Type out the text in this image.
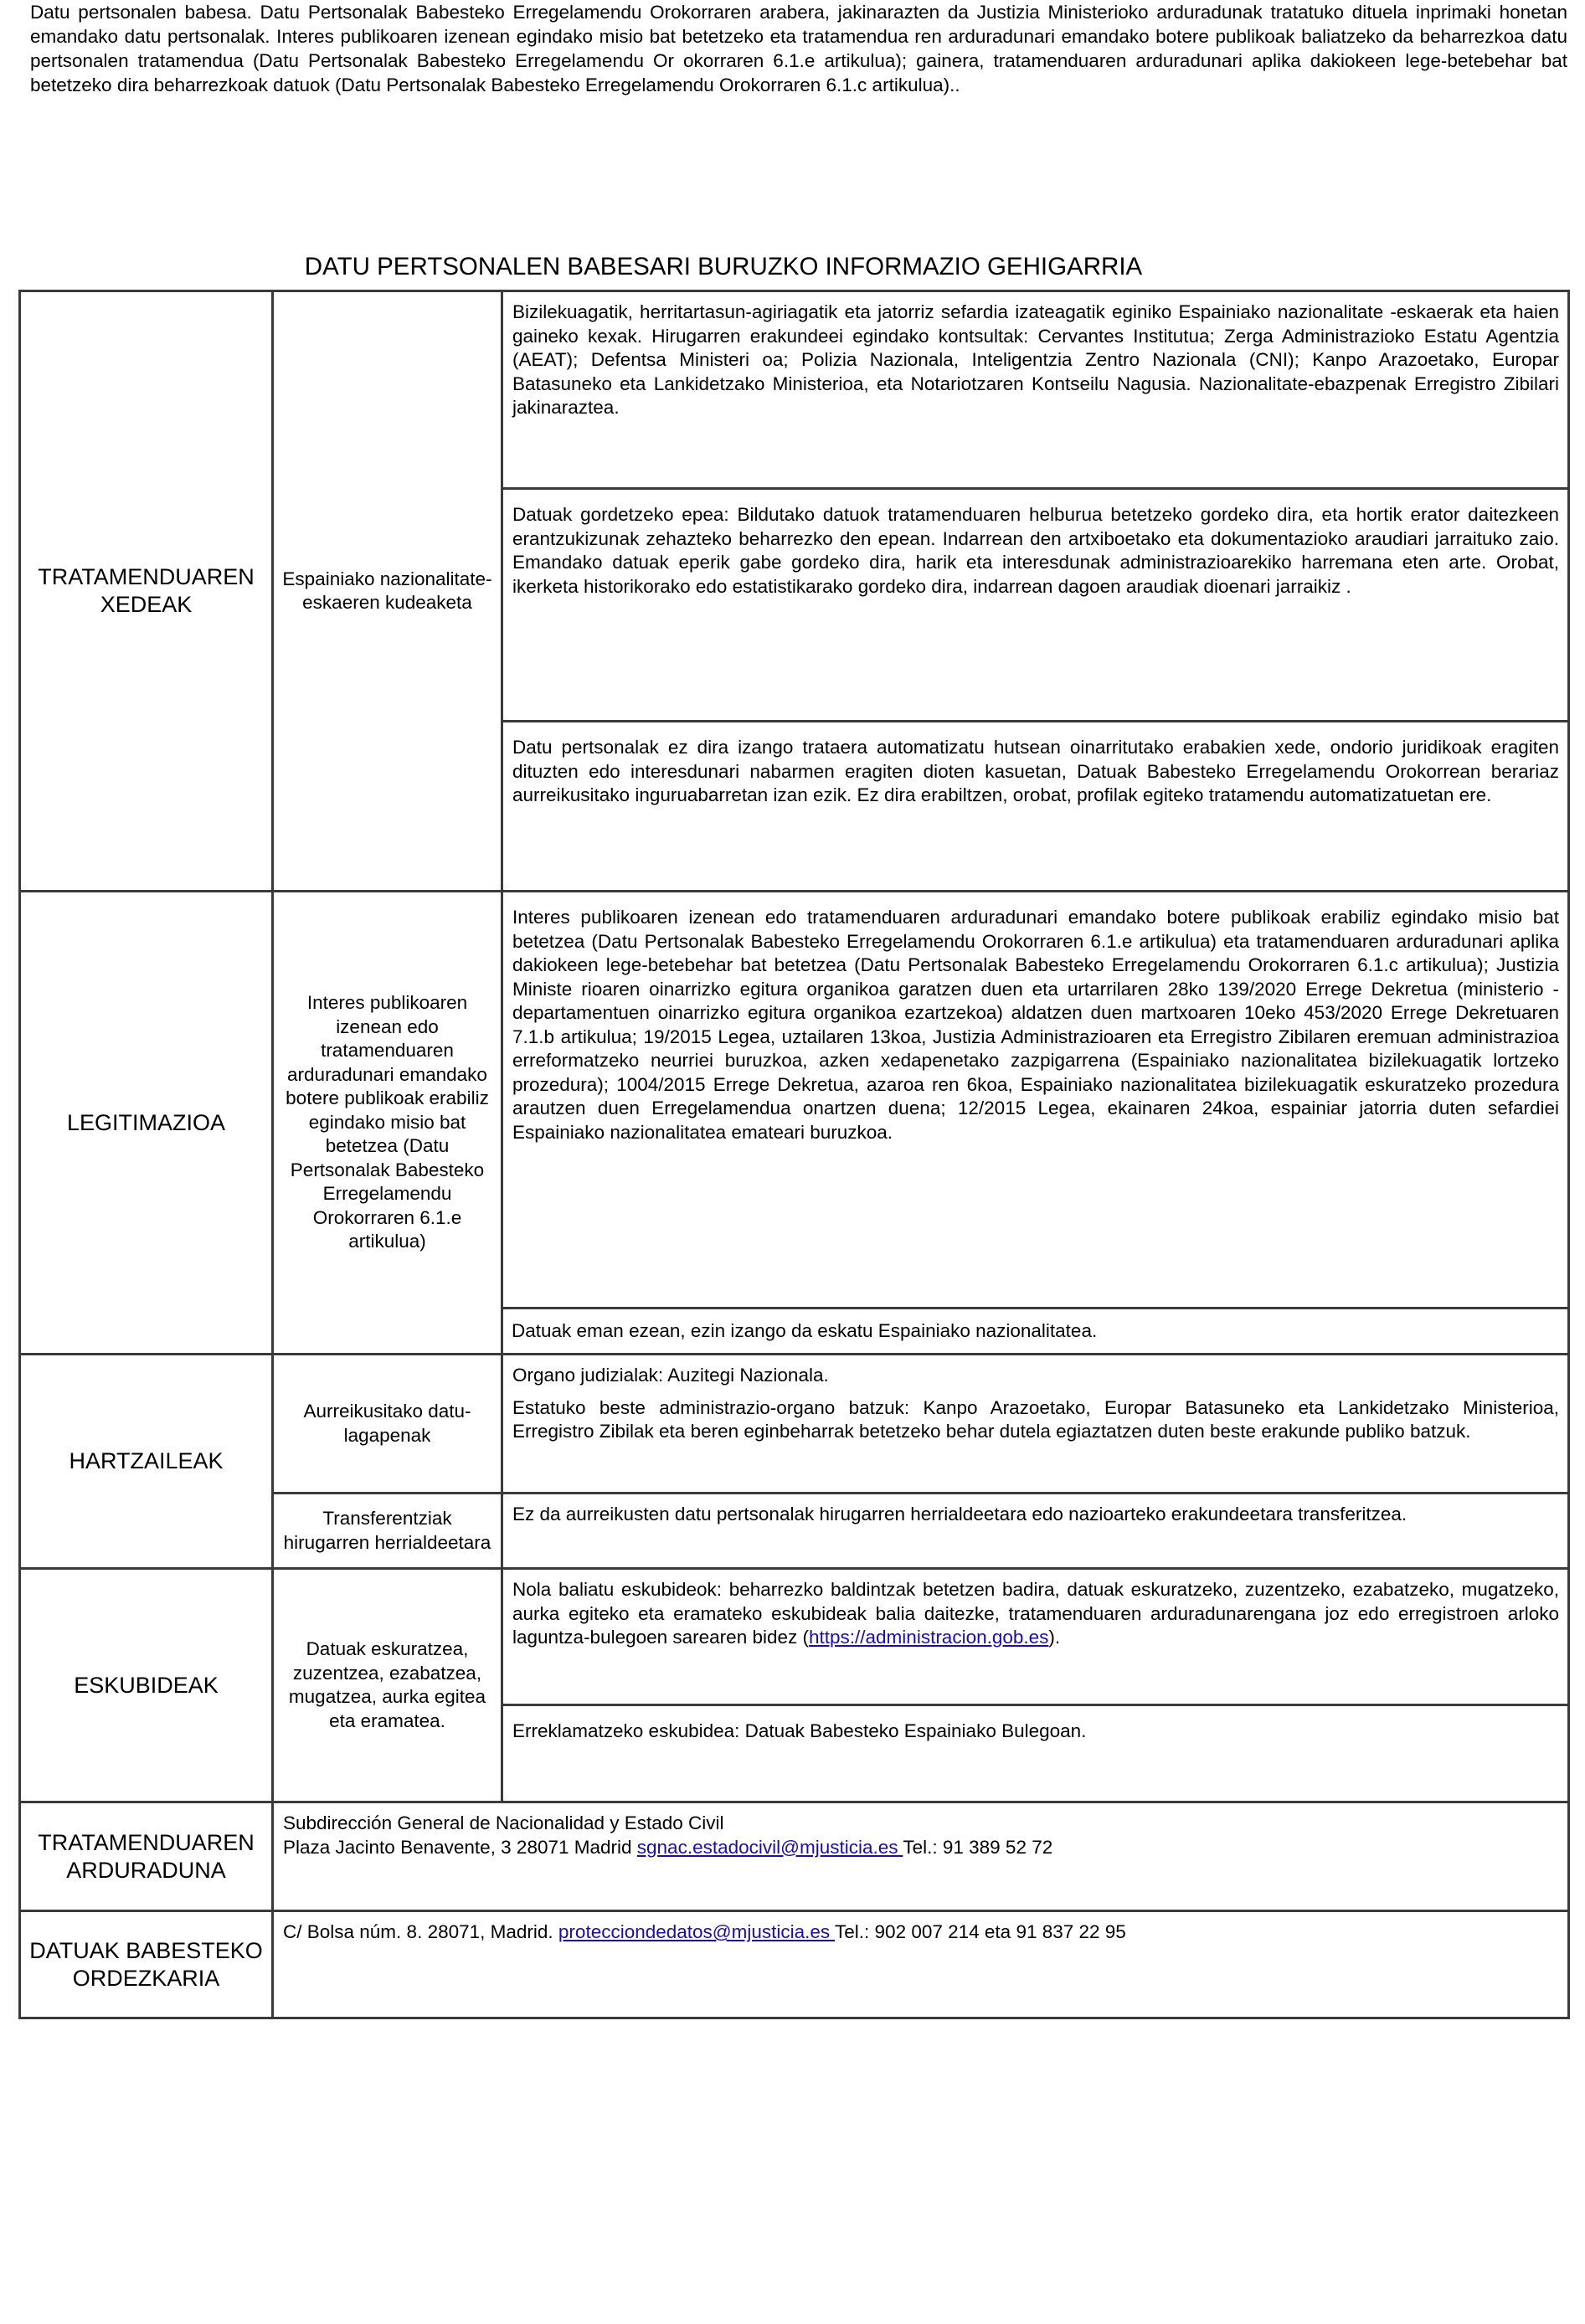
Datu pertsonalen babesa. Datu Pertsonalak Babesteko Erregelamendu Orokorraren arabera, jakinarazten da Justizia Ministerioko arduradunak tratatuko dituela inprimaki honetan emandako datu pertsonalak. Interes publikoaren izenean egindako misio bat betetzeko eta tratamendua ren arduradunari emandako botere publikoak baliatzeko da beharrezkoa datu pertsonalen tratamendua (Datu Pertsonalak Babesteko Erregelamendu Or okorraren 6.1.e artikulua); gainera, tratamenduaren arduradunari aplika dakiokeen lege-betebehar bat betetzeko dira beharrezkoak datuok (Datu Pertsonalak Babesteko Erregelamendu Orokorraren 6.1.c artikulua)..

DATU PERTSONALEN BABESARI BURUZKO INFORMAZIO GEHIGARRIA
TRATAMENDUAREN XEDEAK	Espainiako nazionalitate-eskaeren kudeaketa	Bizilekuagatik, herritartasun-agiriagatik eta jatorriz sefardia izateagatik eginiko Espainiako nazionalitate -eskaerak eta haien gaineko kexak. Hirugarren erakundeei egindako kontsultak: Cervantes Institutua; Zerga Administrazioko Estatu Agentzia (AEAT); Defentsa Ministeri oa; Polizia Nazionala, Inteligentzia Zentro Nazionala (CNI); Kanpo Arazoetako, Europar Batasuneko eta Lankidetzako Ministerioa, eta Notariotzaren Kontseilu Nagusia. Nazionalitate-ebazpenak Erregistro Zibilari jakinaraztea.
		Datuak gordetzeko epea: Bildutako datuok tratamenduaren helburua betetzeko gordeko dira, eta hortik erator daitezkeen erantzukizunak zehazteko beharrezko den epean. Indarrean den artxiboetako eta dokumentazioko araudiari jarraituko zaio. Emandako datuak eperik gabe gordeko dira, harik eta interesdunak administrazioarekiko harremana eten arte. Orobat, ikerketa historikorako edo estatistikarako gordeko dira, indarrean dagoen araudiak dioenari jarraikiz .
		Datu pertsonalak ez dira izango trataera automatizatu hutsean oinarritutako erabakien xede, ondorio juridikoak eragiten dituzten edo interesdunari nabarmen eragiten dioten kasuetan, Datuak Babesteko Erregelamendu Orokorrean berariaz aurreikusitako inguruabarretan izan ezik. Ez dira erabiltzen, orobat, profilak egiteko tratamendu automatizatuetan ere.
LEGITIMAZIOA	Interes publikoaren izenean edo tratamenduaren arduradunari emandako botere publikoak erabiliz egindako misio bat betetzea (Datu Pertsonalak Babesteko Erregelamendu Orokorraren 6.1.e artikulua)	Interes publikoaren izenean edo tratamenduaren arduradunari emandako botere publikoak erabiliz egindako misio bat betetzea (Datu Pertsonalak Babesteko Erregelamendu Orokorraren 6.1.e artikulua) eta tratamenduaren arduradunari aplika dakiokeen lege-betebehar bat betetzea (Datu Pertsonalak Babesteko Erregelamendu Orokorraren 6.1.c artikulua); Justizia Ministe rioaren oinarrizko egitura organikoa garatzen duen eta urtarrilaren 28ko 139/2020 Errege Dekretua (ministerio -departamentuen oinarrizko egitura organikoa ezartzekoa) aldatzen duen martxoaren 10eko 453/2020 Errege Dekretuaren 7.1.b artikulua; 19/2015 Legea, uztailaren 13koa, Justizia Administrazioaren eta Erregistro Zibilaren eremuan administrazioa erreformatzeko neurriei buruzkoa, azken xedapenetako zazpigarrena (Espainiako nazionalitatea bizilekuagatik lortzeko prozedura); 1004/2015 Errege Dekretua, azaroa ren 6koa, Espainiako nazionalitatea bizilekuagatik eskuratzeko prozedura arautzen duen Erregelamendua onartzen duena; 12/2015 Legea, ekainaren 24koa, espainiar jatorria duten sefardiei Espainiako nazionalitatea emateari buruzkoa.
		Datuak eman ezean, ezin izango da eskatu Espainiako nazionalitatea.
HARTZAILEAK	Aurreikusitako datu-lagapenak	Organo judizialak: Auzitegi Nazionala.
Estatuko beste administrazio-organo batzuk: Kanpo Arazoetako, Europar Batasuneko eta Lankidetzako Ministerioa, Erregistro Zibilak eta beren eginbeharrak betetzeko behar dutela egiaztatzen duten beste erakunde publiko batzuk.
	Transferentziak hirugarren herrialdeetara	Ez da aurreikusten datu pertsonalak hirugarren herrialdeetara edo nazioarteko erakundeetara transferitzea.
ESKUBIDEAK	Datuak eskuratzea, zuzentzea, ezabatzea, mugatzea, aurka egitea eta eramatea.	Nola baliatu eskubideok: beharrezko baldintzak betetzen badira, datuak eskuratzeko, zuzentzeko, ezabatzeko, mugatzeko, aurka egiteko eta eramateko eskubideak balia daitezke, tratamenduaren arduradunarengana joz edo erregistroen arloko laguntza-bulegoen sarearen bidez (https://administracion.gob.es).
		Erreklamatzeko eskubidea: Datuak Babesteko Espainiako Bulegoan.
TRATAMENDUAREN ARDURADUNA	Subdirección General de Nacionalidad y Estado Civil
Plaza Jacinto Benavente, 3 28071 Madrid sgnac.estadocivil@mjusticia.es Tel.: 91 389 52 72	
DATUAK BABESTEKO ORDEZKARIA	C/ Bolsa núm. 8. 28071, Madrid. protecciondedatos@mjusticia.es Tel.: 902 007 214 eta 91 837 22 95	
